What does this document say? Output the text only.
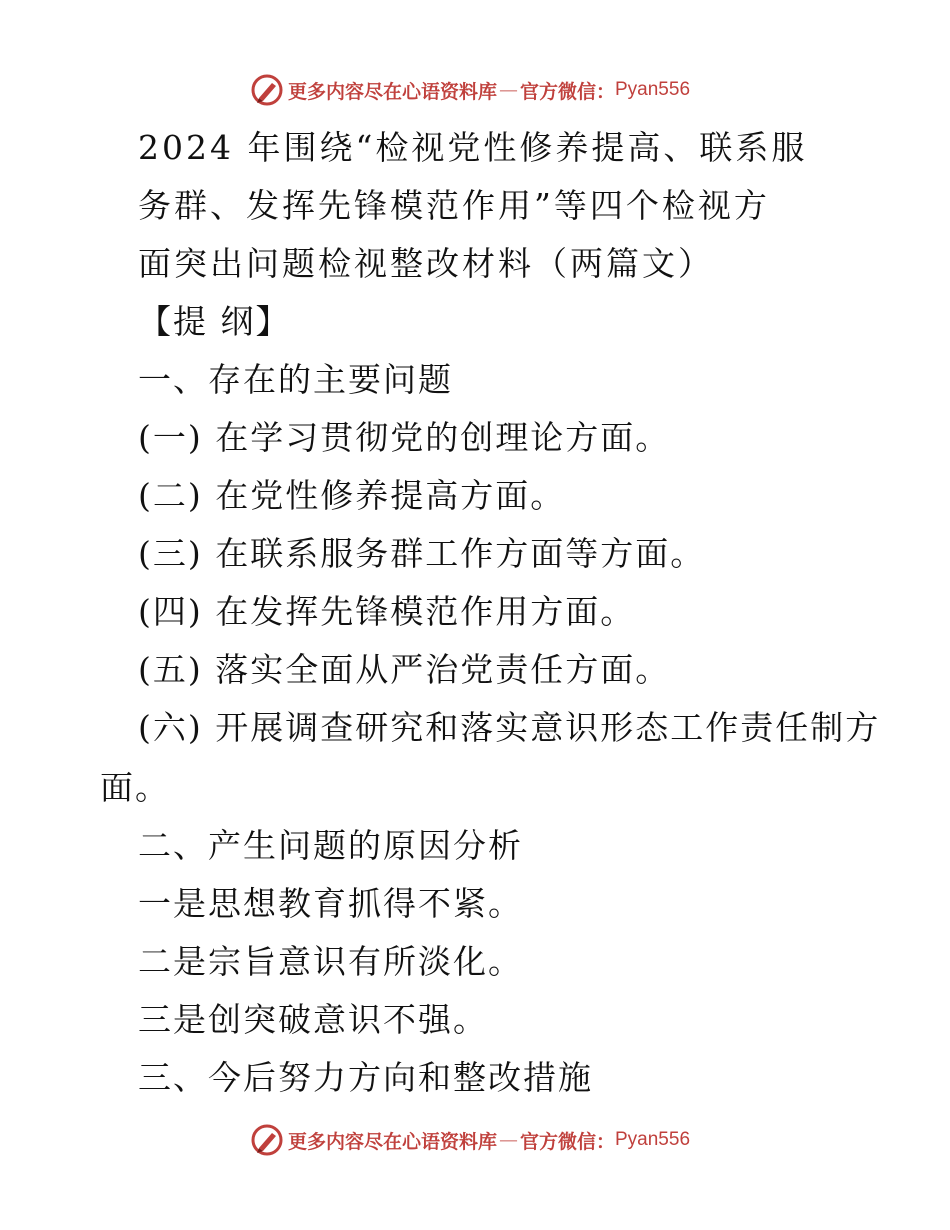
更多内容尽在心语资料库 — 官方微信： Pyan556
2024 年围绕“检视党性修养提高、联系服
务群、发挥先锋模范作用”等四个检视方
面突出问题检视整改材料（两篇文）
【提 纲】
一、存在的主要问题
(一) 在学习贯彻党的创理论方面。
(二) 在党性修养提高方面。
(三) 在联系服务群工作方面等方面。
(四) 在发挥先锋模范作用方面。
(五) 落实全面从严治党责任方面。
(六) 开展调查研究和落实意识形态工作责任制方
面。
二、产生问题的原因分析
一是思想教育抓得不紧。
二是宗旨意识有所淡化。
三是创突破意识不强。
三、今后努力方向和整改措施
更多内容尽在心语资料库 — 官方微信： Pyan556
